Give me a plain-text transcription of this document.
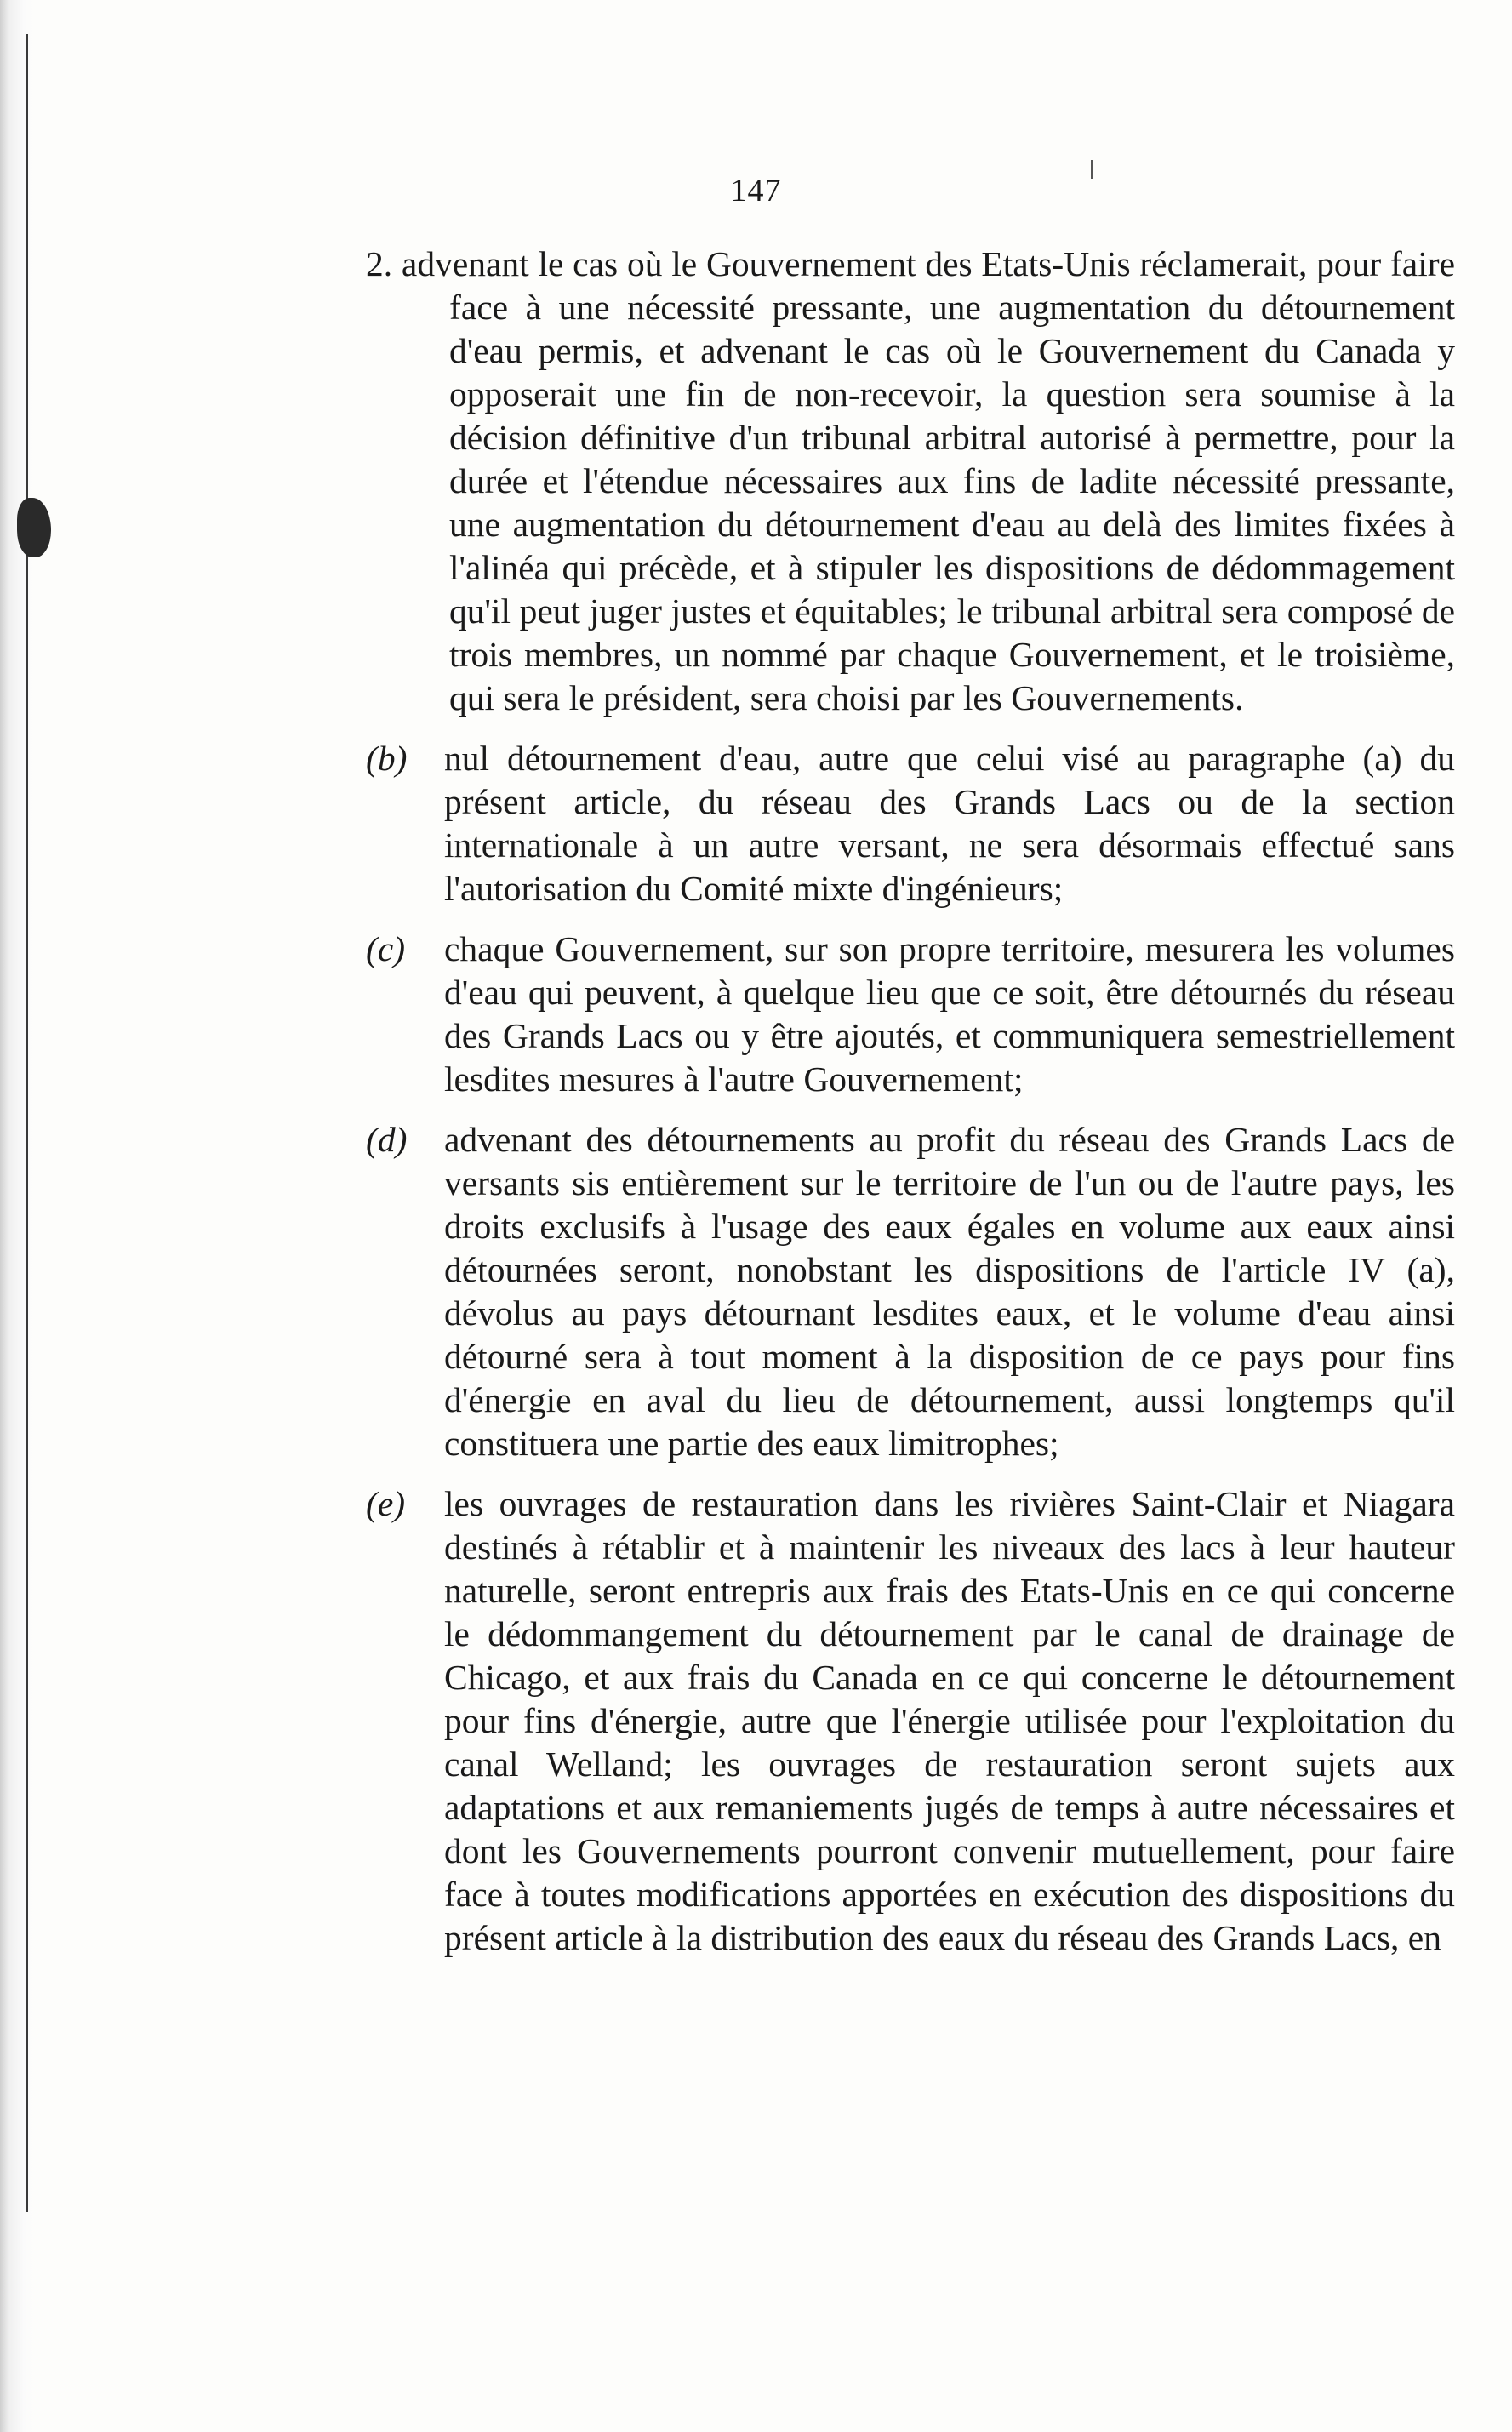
147
2. advenant le cas où le Gouvernement des Etats-Unis réclamerait, pour faire face à une nécessité pressante, une augmentation du détournement d'eau permis, et advenant le cas où le Gouvernement du Canada y opposerait une fin de non-recevoir, la question sera soumise à la décision définitive d'un tribunal arbitral autorisé à permettre, pour la durée et l'étendue nécessaires aux fins de ladite nécessité pressante, une augmentation du détournement d'eau au delà des limites fixées à l'alinéa qui précède, et à stipuler les dispositions de dédommagement qu'il peut juger justes et équitables; le tribunal arbitral sera composé de trois membres, un nommé par chaque Gouvernement, et le troisième, qui sera le président, sera choisi par les Gouvernements.
(b) nul détournement d'eau, autre que celui visé au paragraphe (a) du présent article, du réseau des Grands Lacs ou de la section internationale à un autre versant, ne sera désormais effectué sans l'autorisation du Comité mixte d'ingénieurs;
(c) chaque Gouvernement, sur son propre territoire, mesurera les volumes d'eau qui peuvent, à quelque lieu que ce soit, être détournés du réseau des Grands Lacs ou y être ajoutés, et communiquera semestriellement lesdites mesures à l'autre Gouvernement;
(d) advenant des détournements au profit du réseau des Grands Lacs de versants sis entièrement sur le territoire de l'un ou de l'autre pays, les droits exclusifs à l'usage des eaux égales en volume aux eaux ainsi détournées seront, nonobstant les dispositions de l'article IV (a), dévolus au pays détournant lesdites eaux, et le volume d'eau ainsi détourné sera à tout moment à la disposition de ce pays pour fins d'énergie en aval du lieu de détournement, aussi longtemps qu'il constituera une partie des eaux limitrophes;
(e) les ouvrages de restauration dans les rivières Saint-Clair et Niagara destinés à rétablir et à maintenir les niveaux des lacs à leur hauteur naturelle, seront entrepris aux frais des Etats-Unis en ce qui concerne le dédommangement du détournement par le canal de drainage de Chicago, et aux frais du Canada en ce qui concerne le détournement pour fins d'énergie, autre que l'énergie utilisée pour l'exploitation du canal Welland; les ouvrages de restauration seront sujets aux adaptations et aux remaniements jugés de temps à autre nécessaires et dont les Gouvernements pourront convenir mutuellement, pour faire face à toutes modifications apportées en exécution des dispositions du présent article à la distribution des eaux du réseau des Grands Lacs, en
